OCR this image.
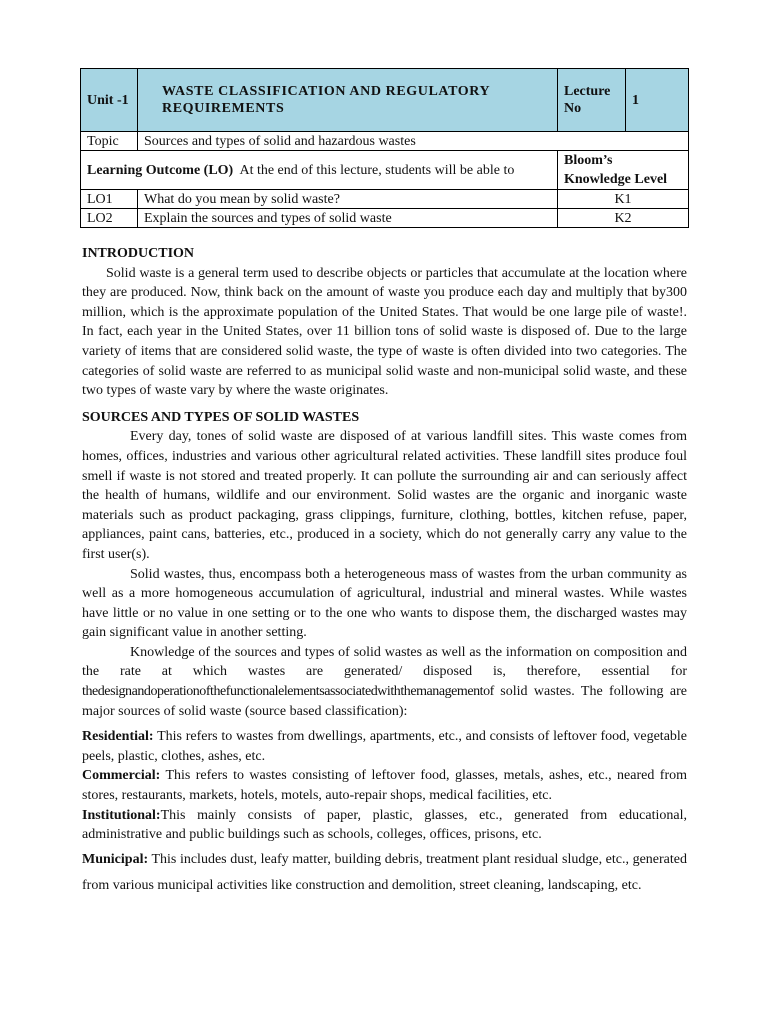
Unit -1	WASTE CLASSIFICATION AND REGULATORY REQUIREMENTS	Lecture No	1
Topic	Sources and types of solid and hazardous wastes		
Learning Outcome (LO) At the end of this lecture, students will be able to		Bloom’s Knowledge Level	
LO1	What do you mean by solid waste?	K1	
LO2	Explain the sources and types of solid waste	K2	

INTRODUCTION

Solid waste is a general term used to describe objects or particles that accumulate at the location where they are produced. Now, think back on the amount of waste you produce each day and multiply that by300 million, which is the approximate population of the United States. That would be one large pile of waste!. In fact, each year in the United States, over 11 billion tons of solid waste is disposed of. Due to the large variety of items that are considered solid waste, the type of waste is often divided into two categories. The categories of solid waste are referred to as municipal solid waste and non-municipal solid waste, and these two types of waste vary by where the waste originates.

SOURCES AND TYPES OF SOLID WASTES

Every day, tones of solid waste are disposed of at various landfill sites. This waste comes from homes, offices, industries and various other agricultural related activities. These landfill sites produce foul smell if waste is not stored and treated properly. It can pollute the surrounding air and can seriously affect the health of humans, wildlife and our environment. Solid wastes are the organic and inorganic waste materials such as product packaging, grass clippings, furniture, clothing, bottles, kitchen refuse, paper, appliances, paint cans, batteries, etc., produced in a society, which do not generally carry any value to the first user(s).

Solid wastes, thus, encompass both a heterogeneous mass of wastes from the urban community as well as a more homogeneous accumulation of agricultural, industrial and mineral wastes. While wastes have little or no value in one setting or to the one who wants to dispose them, the discharged wastes may gain significant value in another setting.

Knowledge of the sources and types of solid wastes as well as the information on composition and the rate at which wastes are generated/ disposed is, therefore, essential for thedesignandoperationofthefunctionalelementsassociatedwiththemanagementof solid wastes. The following are major sources of solid waste (source based classification):

Residential: This refers to wastes from dwellings, apartments, etc., and consists of leftover food, vegetable peels, plastic, clothes, ashes, etc.

Commercial: This refers to wastes consisting of leftover food, glasses, metals, ashes, etc., neared from stores, restaurants, markets, hotels, motels, auto-repair shops, medical facilities, etc.

Institutional:This mainly consists of paper, plastic, glasses, etc., generated from educational, administrative and public buildings such as schools, colleges, offices, prisons, etc.

Municipal: This includes dust, leafy matter, building debris, treatment plant residual sludge, etc., generated from various municipal activities like construction and demolition, street cleaning, landscaping, etc.
